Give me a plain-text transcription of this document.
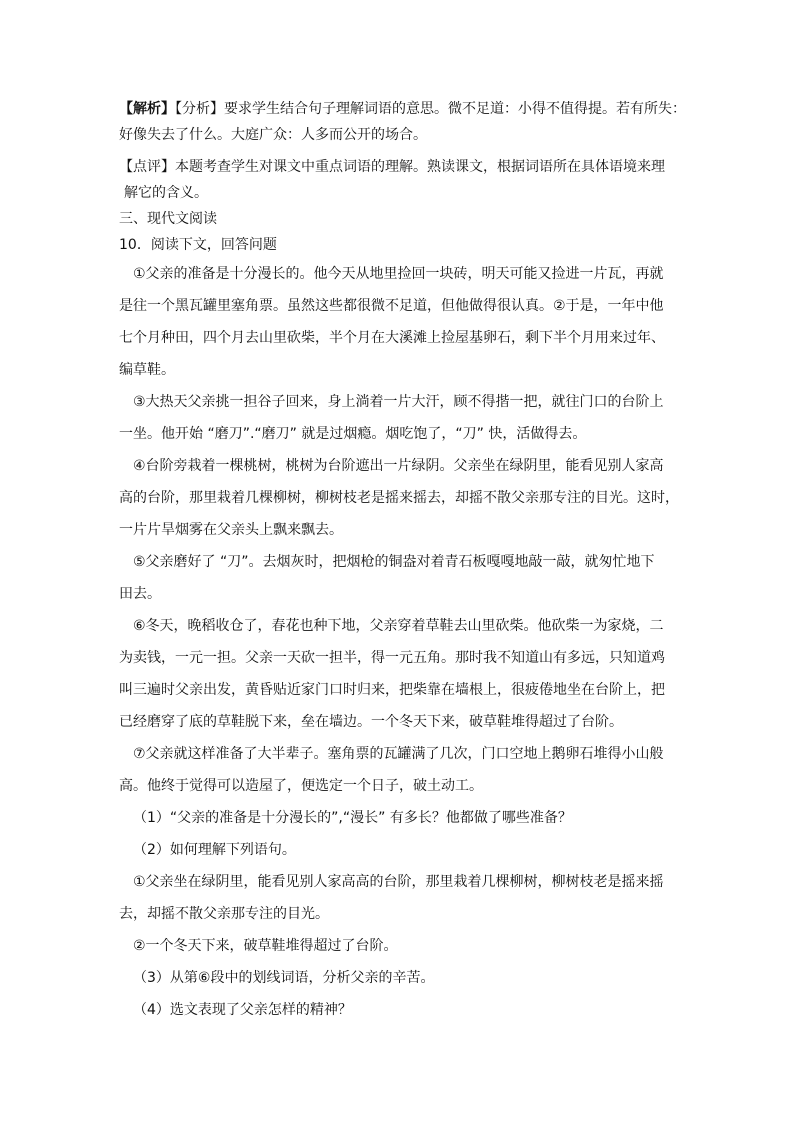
【解析】【分析】要求学生结合句子理解词语的意思。微不足道：小得不值得提。若有所失：
好像失去了什么。大庭广众：人多而公开的场合。
【点评】本题考查学生对课文中重点词语的理解。熟读课文，根据词语所在具体语境来理
解它的含义。
三、现代文阅读
10．阅读下文，回答问题
①父亲的准备是十分漫长的。他今天从地里捡回一块砖，明天可能又捡进一片瓦，再就
是往一个黑瓦罐里塞角票。虽然这些都很微不足道，但他做得很认真。②于是，一年中他
七个月种田，四个月去山里砍柴，半个月在大溪滩上捡屋基卵石，剩下半个月用来过年、
编草鞋。
③大热天父亲挑一担谷子回来，身上淌着一片大汗，顾不得揩一把，就往门口的台阶上
一坐。他开始 “磨刀”.“磨刀” 就是过烟瘾。烟吃饱了，“刀” 快，活做得去。
④台阶旁栽着一棵桃树，桃树为台阶遮出一片绿阴。父亲坐在绿阴里，能看见别人家高
高的台阶，那里栽着几棵柳树，柳树枝老是摇来摇去，却摇不散父亲那专注的目光。这时，
一片片旱烟雾在父亲头上飘来飘去。
⑤父亲磨好了 “刀”。去烟灰时，把烟枪的铜盎对着青石板嘎嘎地敲一敲，就匆忙地下
田去。
⑥冬天，晚稻收仓了，春花也种下地，父亲穿着草鞋去山里砍柴。他砍柴一为家烧，二
为卖钱，一元一担。父亲一天砍一担半，得一元五角。那时我不知道山有多远，只知道鸡
叫三遍时父亲出发，黄昏贴近家门口时归来，把柴靠在墙根上，很疲倦地坐在台阶上，把
已经磨穿了底的草鞋脱下来，垒在墙边。一个冬天下来，破草鞋堆得超过了台阶。
⑦父亲就这样准备了大半辈子。塞角票的瓦罐满了几次，门口空地上鹅卵石堆得小山般
高。他终于觉得可以造屋了，便选定一个日子，破土动工。
（1）“父亲的准备是十分漫长的”,“漫长” 有多长？他都做了哪些准备？
（2）如何理解下列语句。
①父亲坐在绿阴里，能看见别人家高高的台阶，那里栽着几棵柳树，柳树枝老是摇来摇
去，却摇不散父亲那专注的目光。
②一个冬天下来，破草鞋堆得超过了台阶。
（3）从第⑥段中的划线词语，分析父亲的辛苦。
（4）选文表现了父亲怎样的精神？
